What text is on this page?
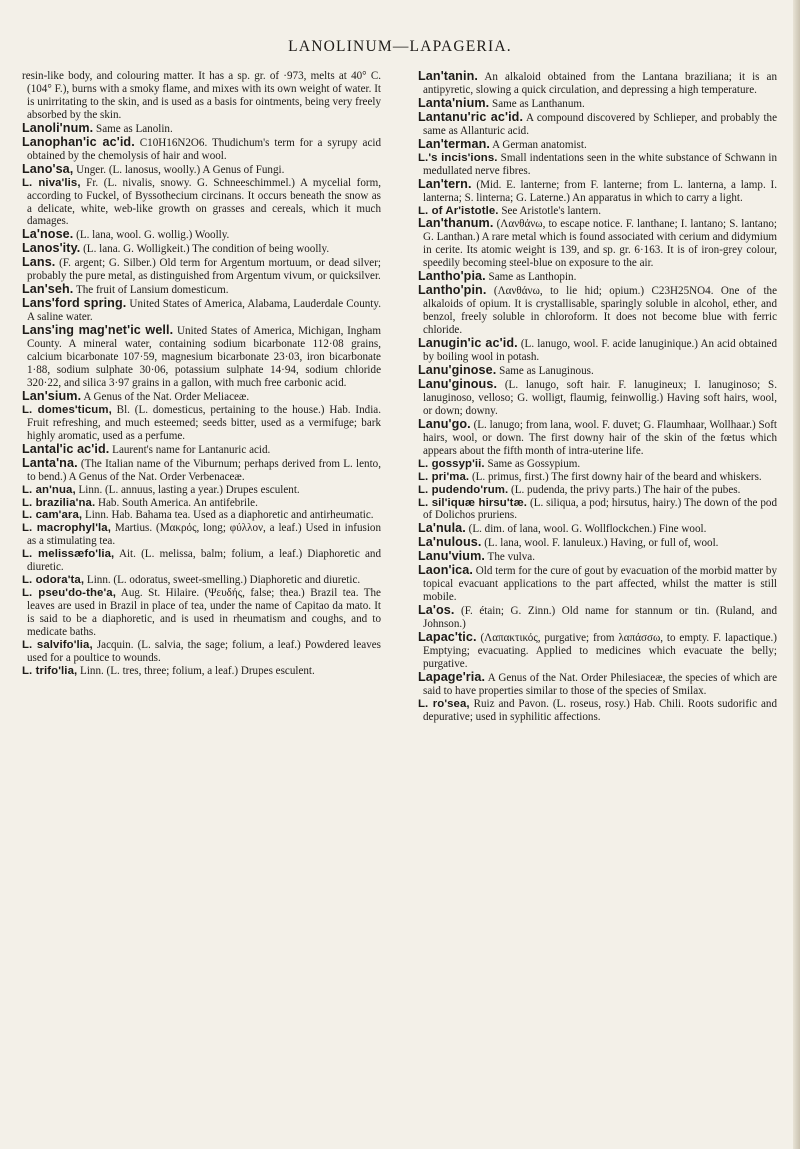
LANOLINUM—LAPAGERIA.

resin-like body, and colouring matter. It has a sp. gr. of ·973, melts at 40° C. (104° F.), burns with a smoky flame, and mixes with its own weight of water. It is unirritating to the skin, and is used as a basis for ointments, being very freely absorbed by the skin.

Lanoli'num. Same as Lanolin.

Lanophan'ic ac'id. C10H16N2O6. Thudichum's term for a syrupy acid obtained by the chemolysis of hair and wool.

Lano'sa, Unger. (L. lanosus, woolly.) A Genus of Fungi.

L. niva'lis, Fr. (L. nivalis, snowy. G. Schneeschimmel.) A mycelial form, according to Fuckel, of Byssothecium circinans. It occurs beneath the snow as a delicate, white, web-like growth on grasses and cereals, which it much damages.

La'nose. (L. lana, wool. G. wollig.) Woolly.

Lanos'ity. (L. lana. G. Wolligkeit.) The condition of being woolly.

Lans. (F. argent; G. Silber.) Old term for Argentum mortuum, or dead silver; probably the pure metal, as distinguished from Argentum vivum, or quicksilver.

Lan'seh. The fruit of Lansium domesticum.

Lans'ford spring. United States of America, Alabama, Lauderdale County. A saline water.

Lans'ing mag'net'ic well. United States of America, Michigan, Ingham County. A mineral water, containing sodium bicarbonate 112·08 grains, calcium bicarbonate 107·59, magnesium bicarbonate 23·03, iron bicarbonate 1·88, sodium sulphate 30·06, potassium sulphate 14·94, sodium chloride 320·22, and silica 3·97 grains in a gallon, with much free carbonic acid.

Lan'sium. A Genus of the Nat. Order Meliaceæ.

L. domes'ticum, Bl. (L. domesticus, pertaining to the house.) Hab. India. Fruit refreshing, and much esteemed; seeds bitter, used as a vermifuge; bark highly aromatic, used as a perfume.

Lantal'ic ac'id. Laurent's name for Lantanuric acid.

Lanta'na. (The Italian name of the Viburnum; perhaps derived from L. lento, to bend.) A Genus of the Nat. Order Verbenaceæ.

L. an'nua, Linn. (L. annuus, lasting a year.) Drupes esculent.

L. brazilia'na. Hab. South America. An antifebrile.

L. cam'ara, Linn. Hab. Bahama tea. Used as a diaphoretic and antirheumatic.

L. macrophyl'la, Martius. (Μακρός, long; φύλλον, a leaf.) Used in infusion as a stimulating tea.

L. melissæfo'lia, Ait. (L. melissa, balm; folium, a leaf.) Diaphoretic and diuretic.

L. odora'ta, Linn. (L. odoratus, sweet-smelling.) Diaphoretic and diuretic.

L. pseu'do-the'a, Aug. St. Hilaire. (Ψευδής, false; thea.) Brazil tea. The leaves are used in Brazil in place of tea, under the name of Capitao da mato. It is said to be a diaphoretic, and is used in rheumatism and coughs, and to medicate baths.

L. salvifo'lia, Jacquin. (L. salvia, the sage; folium, a leaf.) Powdered leaves used for a poultice to wounds.

L. trifo'lia, Linn. (L. tres, three; folium, a leaf.) Drupes esculent.

Lan'tanin. An alkaloid obtained from the Lantana braziliana; it is an antipyretic, slowing a quick circulation, and depressing a high temperature.

Lanta'nium. Same as Lanthanum.

Lantanu'ric ac'id. A compound discovered by Schlieper, and probably the same as Allanturic acid.

Lan'terman. A German anatomist.

L.'s incis'ions. Small indentations seen in the white substance of Schwann in medullated nerve fibres.

Lan'tern. (Mid. E. lanterne; from F. lanterne; from L. lanterna, a lamp. I. lanterna; S. linterna; G. Laterne.) An apparatus in which to carry a light.

L. of Ar'istotle. See Aristotle's lantern.

Lan'thanum. (Λανθάνω, to escape notice. F. lanthane; I. lantano; S. lantano; G. Lanthan.) A rare metal which is found associated with cerium and didymium in cerite. Its atomic weight is 139, and sp. gr. 6·163. It is of iron-grey colour, speedily becoming steel-blue on exposure to the air.

Lantho'pia. Same as Lanthopin.

Lantho'pin. (Λανθάνω, to lie hid; opium.) C23H25NO4. One of the alkaloids of opium. It is crystallisable, sparingly soluble in alcohol, ether, and benzol, freely soluble in chloroform. It does not become blue with ferric chloride.

Lanugin'ic ac'id. (L. lanugo, wool. F. acide lanuginique.) An acid obtained by boiling wool in potash.

Lanu'ginose. Same as Lanuginous.

Lanu'ginous. (L. lanugo, soft hair. F. lanugineux; I. lanuginoso; S. lanuginoso, velloso; G. wolligt, flaumig, feinwollig.) Having soft hairs, wool, or down; downy.

Lanu'go. (L. lanugo; from lana, wool. F. duvet; G. Flaumhaar, Wollhaar.) Soft hairs, wool, or down. The first downy hair of the skin of the fœtus which appears about the fifth month of intra-uterine life.

L. gossyp'ii. Same as Gossypium.

L. pri'ma. (L. primus, first.) The first downy hair of the beard and whiskers.

L. pudendo'rum. (L. pudenda, the privy parts.) The hair of the pubes.

L. sil'iquæ hirsu'tæ. (L. siliqua, a pod; hirsutus, hairy.) The down of the pod of Dolichos pruriens.

La'nula. (L. dim. of lana, wool. G. Wollflockchen.) Fine wool.

La'nulous. (L. lana, wool. F. lanuleux.) Having, or full of, wool.

Lanu'vium. The vulva.

Laon'ica. Old term for the cure of gout by evacuation of the morbid matter by topical evacuant applications to the part affected, whilst the matter is still mobile.

La'os. (F. étain; G. Zinn.) Old name for stannum or tin. (Ruland, and Johnson.)

Lapac'tic. (Λαπακτικός, purgative; from λαπάσσω, to empty. F. lapactique.) Emptying; evacuating. Applied to medicines which evacuate the belly; purgative.

Lapage'ria. A Genus of the Nat. Order Philesiaceæ, the species of which are said to have properties similar to those of the species of Smilax.

L. ro'sea, Ruiz and Pavon. (L. roseus, rosy.) Hab. Chili. Roots sudorific and depurative; used in syphilitic affections.
